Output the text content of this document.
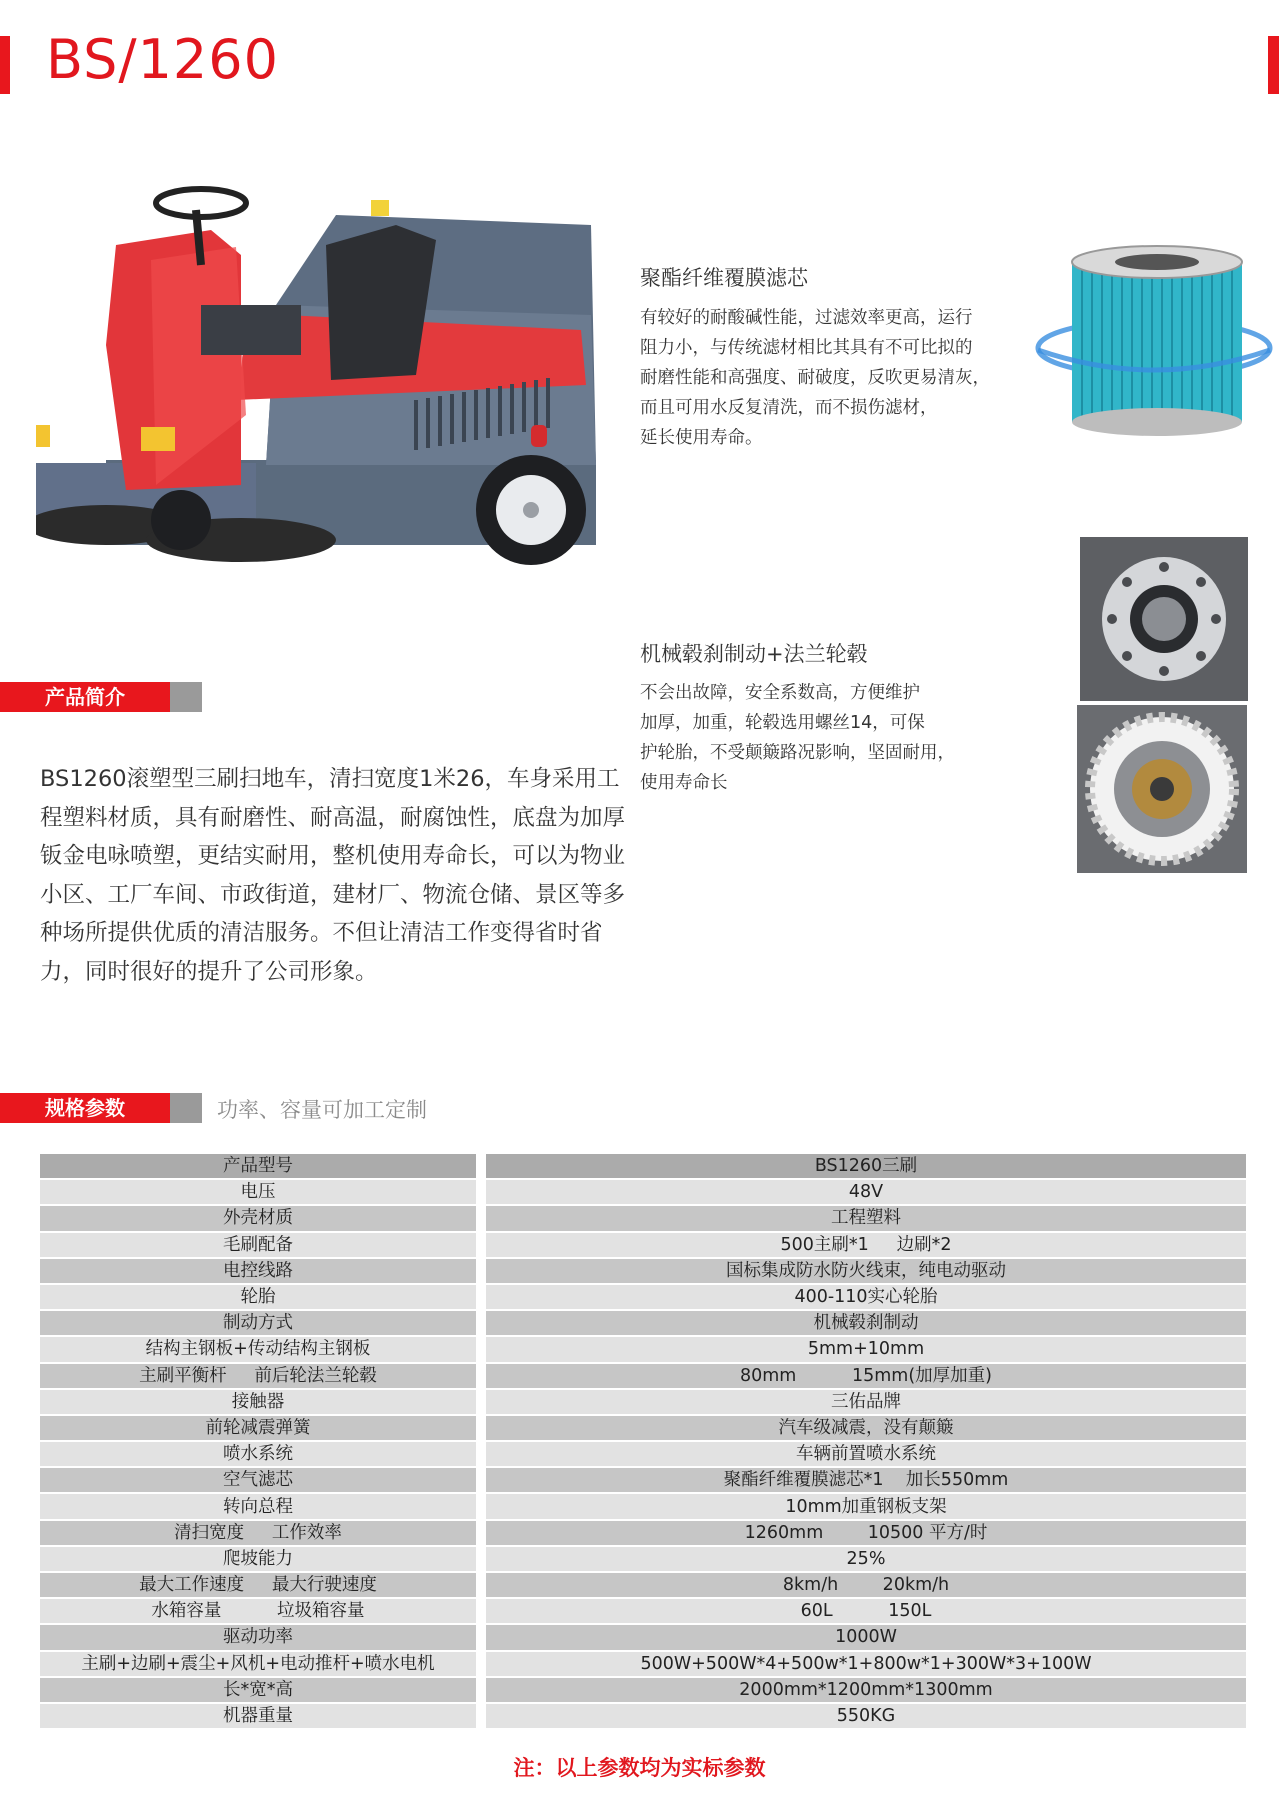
BS/1260
聚酯纤维覆膜滤芯
有较好的耐酸碱性能，过滤效率更高，运行
阻力小，与传统滤材相比其具有不可比拟的
耐磨性能和高强度、耐破度，反吹更易清灰，
而且可用水反复清洗，而不损伤滤材，
延长使用寿命。
机械毂刹制动+法兰轮毂
不会出故障，安全系数高，方便维护
加厚，加重，轮毂选用螺丝14，可保
护轮胎，不受颠簸路况影响，坚固耐用，
使用寿命长
产品简介
BS1260滚塑型三刷扫地车，清扫宽度1米26，车身采用工程塑料材质，具有耐磨性、耐高温，耐腐蚀性，底盘为加厚钣金电咏喷塑，更结实耐用，整机使用寿命长，可以为物业小区、工厂车间、市政街道，建材厂、物流仓储、景区等多种场所提供优质的清洁服务。不但让清洁工作变得省时省力，同时很好的提升了公司形象。
规格参数	功率、容量可加工定制
产品型号		BS1260三刷
电压		48V
外壳材质		工程塑料
毛刷配备		500主刷*1     边刷*2
电控线路		国标集成防水防火线束，纯电动驱动
轮胎		400-110实心轮胎
制动方式		机械毂刹制动
结构主钢板+传动结构主钢板		5mm+10mm
主刷平衡杆     前后轮法兰轮毂		80mm          15mm(加厚加重)
接触器		三佑品牌
前轮减震弹簧		汽车级减震，没有颠簸
喷水系统		车辆前置喷水系统
空气滤芯		聚酯纤维覆膜滤芯*1    加长550mm
转向总程		10mm加重钢板支架
清扫宽度     工作效率		1260mm        10500 平方/时
爬坡能力		25%
最大工作速度     最大行驶速度		8km/h        20km/h
水箱容量          垃圾箱容量		60L          150L
驱动功率		1000W
主刷+边刷+震尘+风机+电动推杆+喷水电机		500W+500W*4+500w*1+800w*1+300W*3+100W
长*宽*高		2000mm*1200mm*1300mm
机器重量		550KG
注：以上参数均为实标参数
